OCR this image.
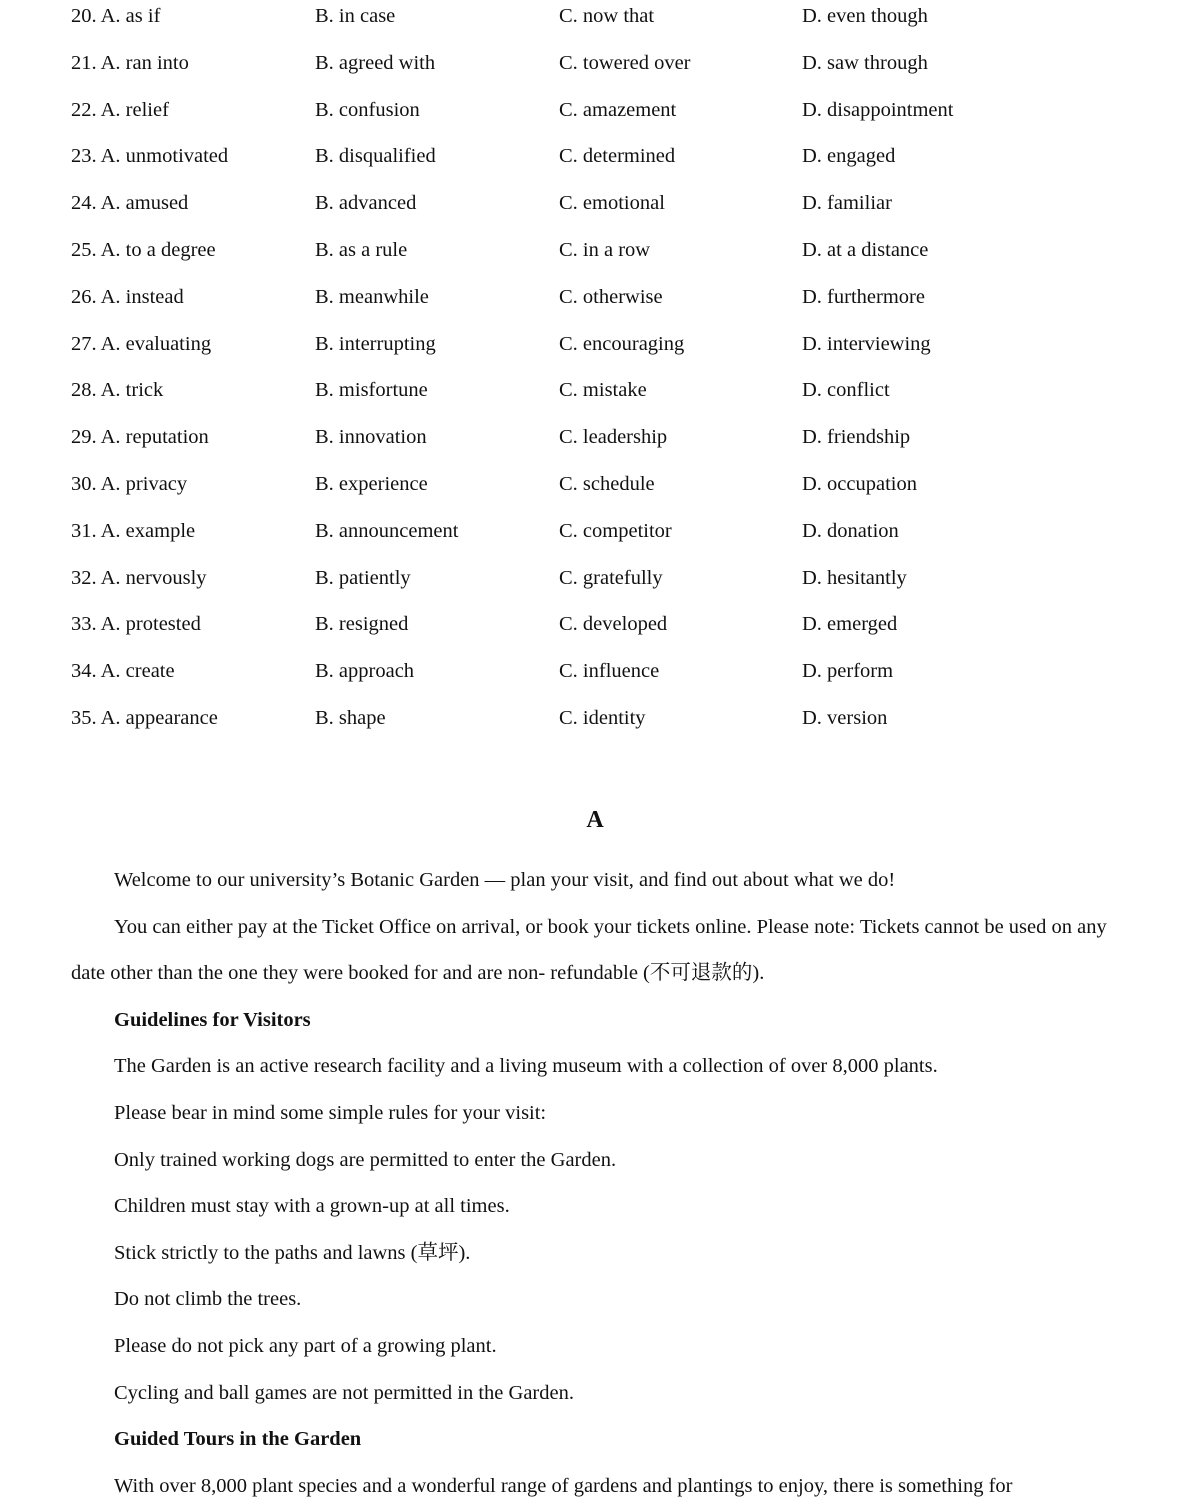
20. A. as if	B. in case	C. now that	D. even though
21. A. ran into	B. agreed with	C. towered over	D. saw through
22. A. relief	B. confusion	C. amazement	D. disappointment
23. A. unmotivated	B. disqualified	C. determined	D. engaged
24. A. amused	B. advanced	C. emotional	D. familiar
25. A. to a degree	B. as a rule	C. in a row	D. at a distance
26. A. instead	B. meanwhile	C. otherwise	D. furthermore
27. A. evaluating	B. interrupting	C. encouraging	D. interviewing
28. A. trick	B. misfortune	C. mistake	D. conflict
29. A. reputation	B. innovation	C. leadership	D. friendship
30. A. privacy	B. experience	C. schedule	D. occupation
31. A. example	B. announcement	C. competitor	D. donation
32. A. nervously	B. patiently	C. gratefully	D. hesitantly
33. A. protested	B. resigned	C. developed	D. emerged
34. A. create	B. approach	C. influence	D. perform
35. A. appearance	B. shape	C. identity	D. version
A

Welcome to our university’s Botanic Garden — plan your visit, and find out about what we do!

You can either pay at the Ticket Office on arrival, or book your tickets online. Please note: Tickets cannot be used on any date other than the one they were booked for and are non- refundable (不可退款的).

Guidelines for Visitors

The Garden is an active research facility and a living museum with a collection of over 8,000 plants.

Please bear in mind some simple rules for your visit:

Only trained working dogs are permitted to enter the Garden.

Children must stay with a grown-up at all times.

Stick strictly to the paths and lawns (草坪).

Do not climb the trees.

Please do not pick any part of a growing plant.

Cycling and ball games are not permitted in the Garden.

Guided Tours in the Garden

With over 8,000 plant species and a wonderful range of gardens and plantings to enjoy, there is something for
